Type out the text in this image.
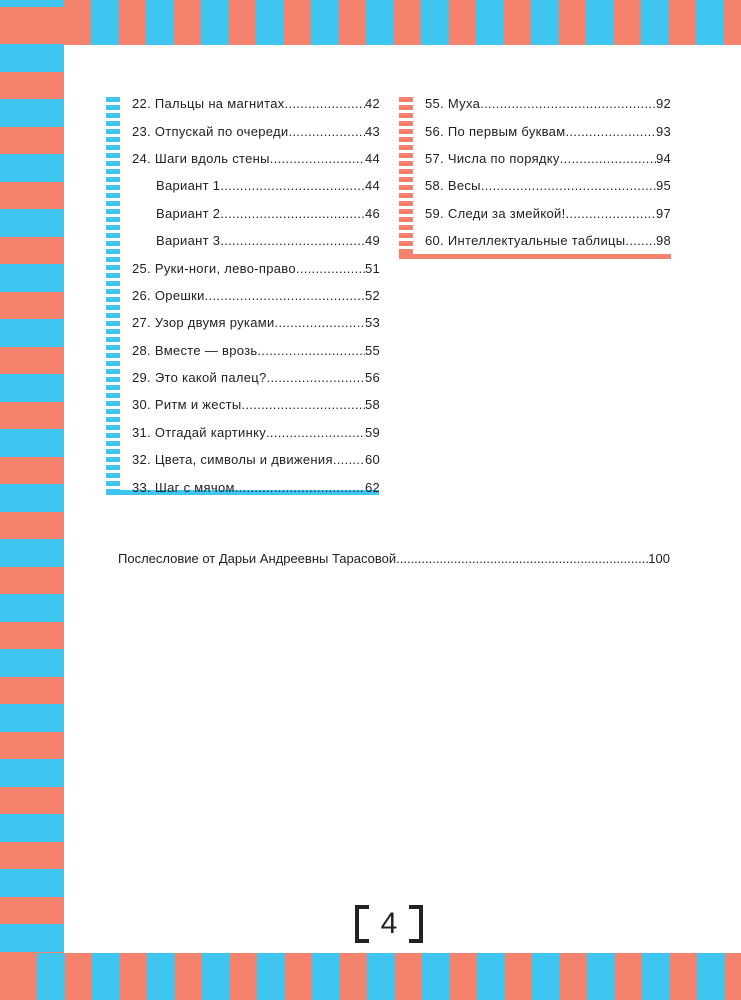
22. Пальцы на магнитах .....	42
23. Отпускай по очереди .....	43
24. Шаги вдоль стены .....	44
Вариант 1 .....	44
Вариант 2 .....	46
Вариант 3 .....	49
25. Руки-ноги, лево-право .....	51
26. Орешки .....	52
27. Узор двумя руками .....	53
28. Вместе — врозь .....	55
29. Это какой палец? .....	56
30. Ритм и жесты .....	58
31. Отгадай картинку .....	59
32. Цвета, символы и движения ..... 60
33. Шаг с мячом .....	62
55. Муха .....	92
56. По первым буквам .....	93
57. Числа по порядку .....	94
58. Весы .....	95
59. Следи за змейкой! .....	97
60. Интеллектуальные таблицы ..... 98
Послесловие от Дарьи Андреевны Тарасовой .....	100
4
